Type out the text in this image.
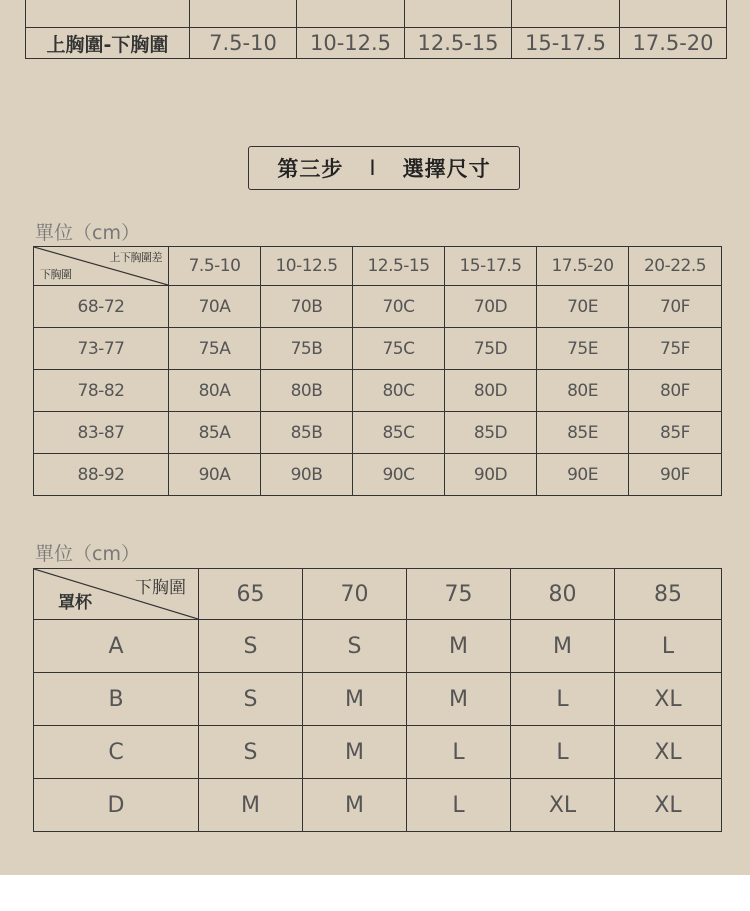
上胸圍-下胸圍	7.5-10	10-12.5	12.5-15	15-17.5	17.5-20
第三步 I 選擇尺寸
單位（cm）
上下胸圍差
下胸圍	7.5-10	10-12.5	12.5-15	15-17.5	17.5-20	20-22.5
68-72	70A	70B	70C	70D	70E	70F
73-77	75A	75B	75C	75D	75E	75F
78-82	80A	80B	80C	80D	80E	80F
83-87	85A	85B	85C	85D	85E	85F
88-92	90A	90B	90C	90D	90E	90F
單位（cm）
下胸圍
罩杯	65	70	75	80	85
A	S	S	M	M	L
B	S	M	M	L	XL
C	S	M	L	L	XL
D	M	M	L	XL	XL
